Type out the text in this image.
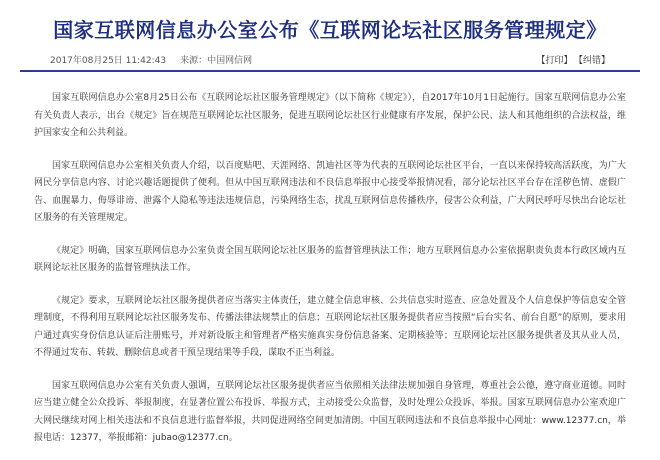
国家互联网信息办公室公布《互联网论坛社区服务管理规定》
2017年08月25日 11:42:43 来源：中国网信网	【打印】 【纠错】

国家互联网信息办公室8月25日公布《互联网论坛社区服务管理规定》（以下简称《规定》），自2017年10月1日起施行。国家互联网信息办公室有关负责人表示，出台《规定》旨在规范互联网论坛社区服务，促进互联网论坛社区行业健康有序发展，保护公民、法人和其他组织的合法权益，维护国家安全和公共利益。

国家互联网信息办公室相关负责人介绍，以百度贴吧、天涯网络、凯迪社区等为代表的互联网论坛社区平台，一直以来保持较高活跃度，为广大网民分享信息内容、讨论兴趣话题提供了便利。但从中国互联网违法和不良信息举报中心接受举报情况看，部分论坛社区平台存在淫秽色情、虚假广告、血腥暴力、侮辱诽谤、泄露个人隐私等违法违规信息，污染网络生态，扰乱互联网信息传播秩序，侵害公众利益，广大网民呼吁尽快出台论坛社区服务的有关管理规定。

《规定》明确，国家互联网信息办公室负责全国互联网论坛社区服务的监督管理执法工作；地方互联网信息办公室依据职责负责本行政区域内互联网论坛社区服务的监督管理执法工作。

《规定》要求，互联网论坛社区服务提供者应当落实主体责任，建立健全信息审核、公共信息实时巡查、应急处置及个人信息保护等信息安全管理制度，不得利用互联网论坛社区服务发布、传播法律法规禁止的信息；互联网论坛社区服务提供者应当按照“后台实名、前台自愿”的原则，要求用户通过真实身份信息认证后注册账号，并对新设版主和管理者严格实施真实身份信息备案、定期核验等；互联网论坛社区服务提供者及其从业人员，不得通过发布、转载、删除信息或者干预呈现结果等手段，谋取不正当利益。

国家互联网信息办公室有关负责人强调，互联网论坛社区服务提供者应当依照相关法律法规加强自身管理，尊重社会公德，遵守商业道德。同时应当建立健全公众投诉、举报制度，在显著位置公布投诉、举报方式，主动接受公众监督，及时处理公众投诉、举报。国家互联网信息办公室欢迎广大网民继续对网上相关违法和不良信息进行监督举报，共同促进网络空间更加清朗。中国互联网违法和不良信息举报中心网址：www.12377.cn，举报电话：12377，举报邮箱：jubao@12377.cn。
